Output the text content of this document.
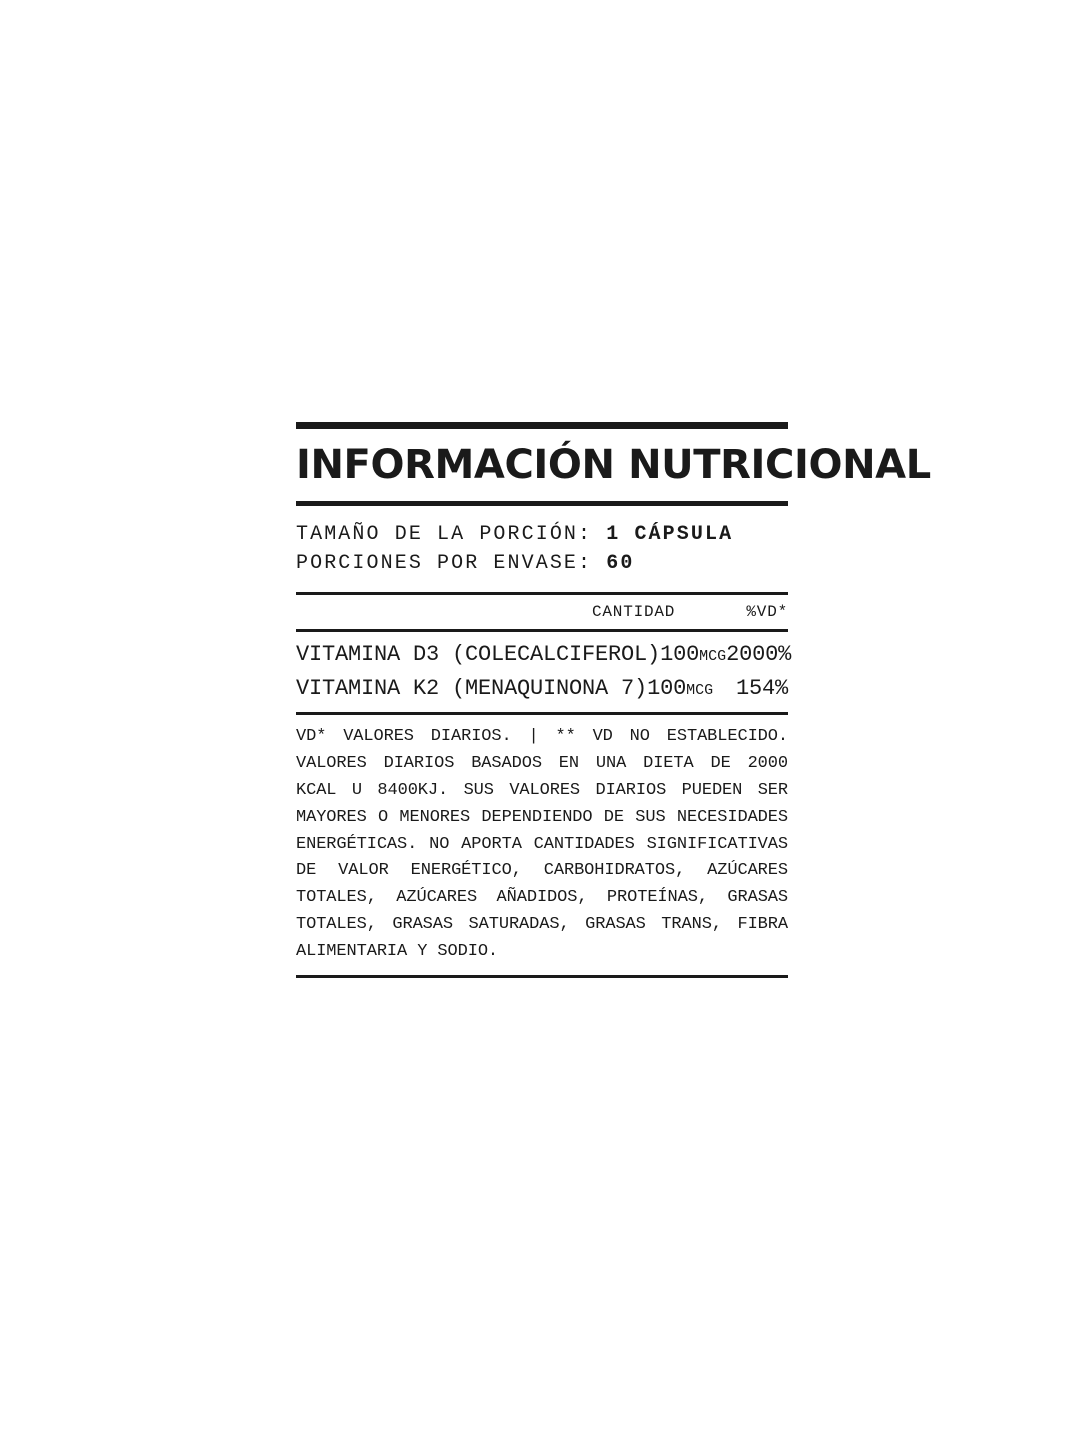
INFORMACIÓN NUTRICIONAL
TAMAÑO DE LA PORCIÓN: 1 CÁPSULA
PORCIONES POR ENVASE: 60
CANTIDAD	%VD*
VITAMINA D3 (COLECALCIFEROL) 100MCG 2000%
VITAMINA K2 (MENAQUINONA 7) 100MCG	154%
VD* VALORES DIARIOS. | ** VD NO ESTABLECIDO. VALORES DIARIOS BASADOS EN UNA DIETA DE 2000 KCAL U 8400KJ. SUS VALORES DIARIOS PUEDEN SER MAYORES O MENORES DEPENDIENDO DE SUS NECESIDADES ENERGÉTICAS. NO APORTA CANTIDADES SIGNIFICATIVAS DE VALOR ENERGÉTICO, CARBOHIDRATOS, AZÚCARES TOTALES, AZÚCARES AÑADIDOS, PROTEÍNAS, GRASAS TOTALES, GRASAS SATURADAS, GRASAS TRANS, FIBRA ALIMENTARIA Y SODIO.
